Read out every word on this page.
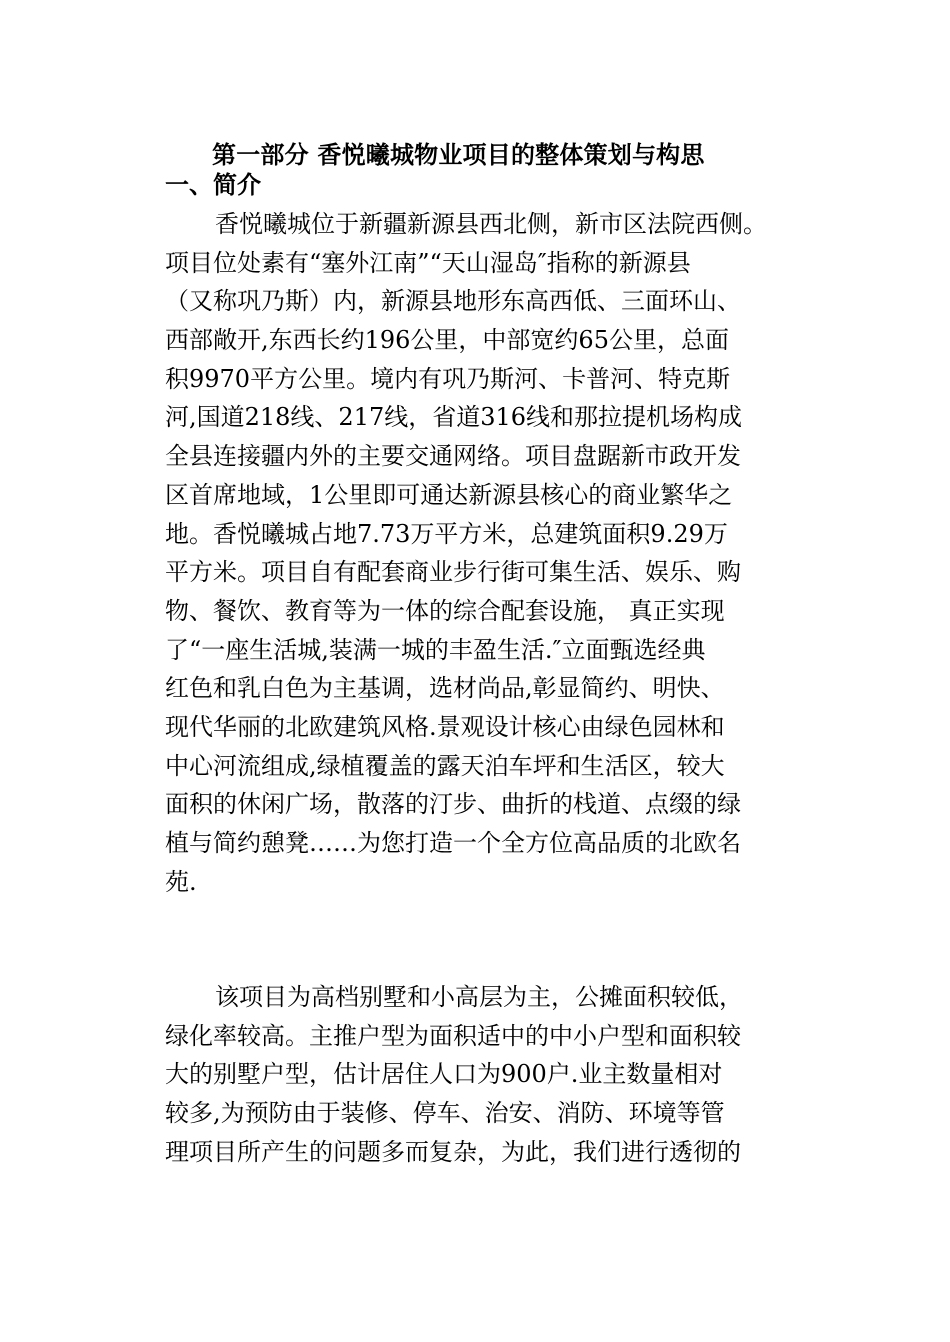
第一部分 香悦曦城物业项目的整体策划与构思
一、简介
香悦曦城位于新疆新源县西北侧，新市区法院西侧。
项目位处素有“塞外江南”“天山湿岛″指称的新源县
（又称巩乃斯）内，新源县地形东高西低、三面环山、
西部敞开,东西长约196公里，中部宽约65公里，总面
积9970平方公里。境内有巩乃斯河、卡普河、特克斯
河,国道218线、217线，省道316线和那拉提机场构成
全县连接疆内外的主要交通网络。项目盘踞新市政开发
区首席地域，1公里即可通达新源县核心的商业繁华之
地。香悦曦城占地7.73万平方米，总建筑面积9.29万
平方米。项目自有配套商业步行街可集生活、娱乐、购
物、餐饮、教育等为一体的综合配套设施， 真正实现
了“一座生活城,装满一城的丰盈生活.″立面甄选经典
红色和乳白色为主基调，选材尚品,彰显简约、明快、
现代华丽的北欧建筑风格.景观设计核心由绿色园林和
中心河流组成,绿植覆盖的露天泊车坪和生活区，较大
面积的休闲广场，散落的汀步、曲折的栈道、点缀的绿
植与简约憩凳……为您打造一个全方位高品质的北欧名
苑.
该项目为高档别墅和小高层为主，公摊面积较低，
绿化率较高。主推户型为面积适中的中小户型和面积较
大的别墅户型，估计居住人口为900户.业主数量相对
较多,为预防由于装修、停车、治安、消防、环境等管
理项目所产生的问题多而复杂，为此，我们进行透彻的
